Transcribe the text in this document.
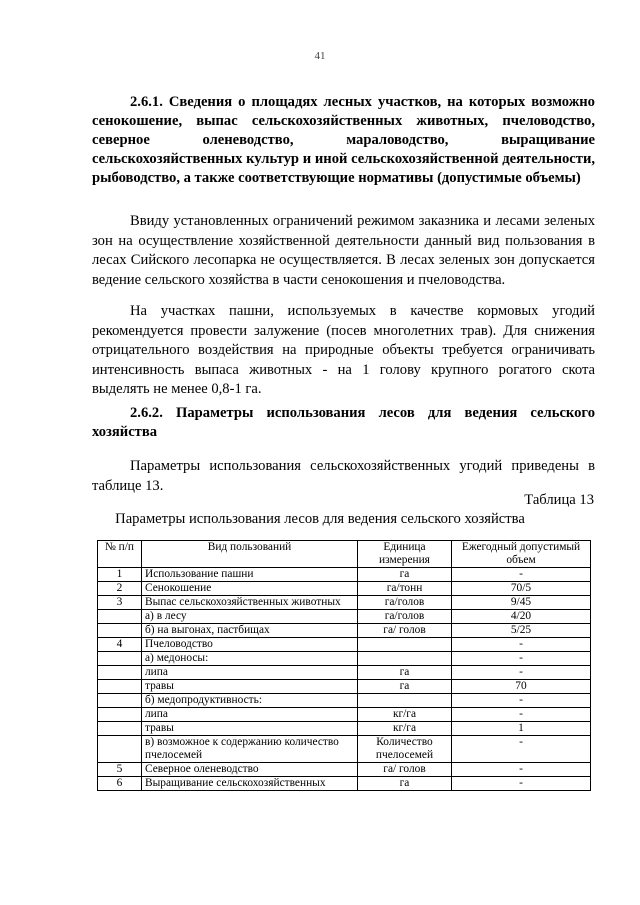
41
2.6.1. Сведения о площадях лесных участков, на которых возможно сенокошение, выпас сельскохозяйственных животных, пчеловодство, северное оленеводство, мараловодство, выращивание сельскохозяйственных культур и иной сельскохозяйственной деятельности, рыбоводство, а также соответствующие нормативы (допустимые объемы)
Ввиду установленных ограничений режимом заказника и лесами зеленых зон на осуществление хозяйственной деятельности данный вид пользования в лесах Сийского лесопарка не осуществляется. В лесах зеленых зон допускается ведение сельского хозяйства в части сенокошения и пчеловодства.
На участках пашни, используемых в качестве кормовых угодий рекомендуется провести залужение (посев многолетних трав). Для снижения отрицательного воздействия на природные объекты требуется ограничивать интенсивность выпаса животных - на 1 голову крупного рогатого скота выделять не менее 0,8-1 га.
2.6.2. Параметры использования лесов для ведения сельского хозяйства
Параметры использования сельскохозяйственных угодий приведены в таблице 13.
Таблица 13
Параметры использования лесов для ведения сельского хозяйства
№ п/п	Вид пользований	Единица измерения	Ежегодный допустимый объем
1	Использование пашни	га	-
2	Сенокошение	га/тонн	70/5
3	Выпас сельскохозяйственных животных	га/голов	9/45
	а) в лесу	га/голов	4/20
	б) на выгонах, пастбищах	га/ голов	5/25
4	Пчеловодство		-
	а) медоносы:		-
	липа	га	-
	травы	га	70
	б) медопродуктивность:		-
	липа	кг/га	-
	травы	кг/га	1
	в) возможное к содержанию количество пчелосемей	Количество пчелосемей	-
5	Северное оленеводство	га/ голов	-
6	Выращивание сельскохозяйственных	га	-
